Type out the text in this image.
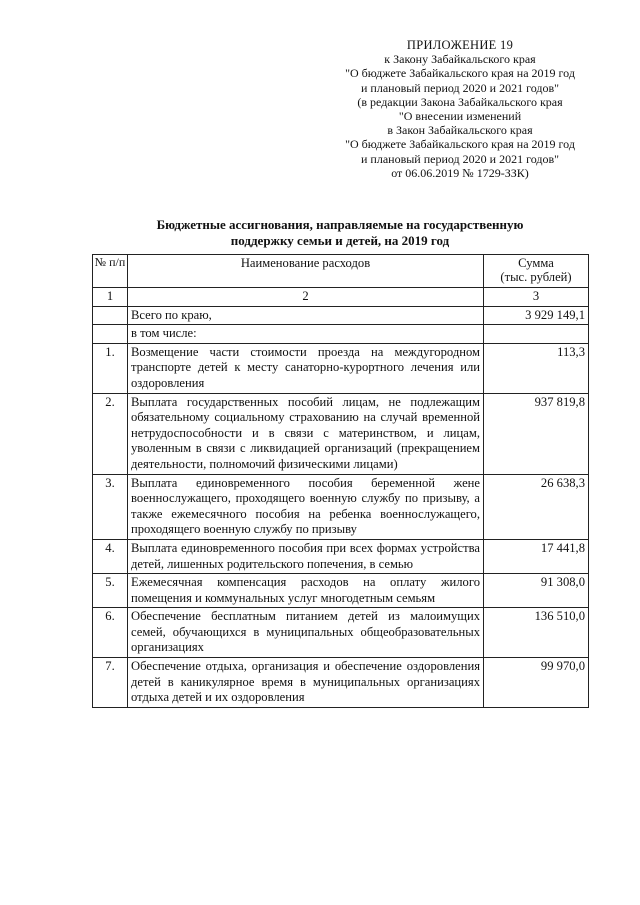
ПРИЛОЖЕНИЕ 19
к Закону Забайкальского края
"О бюджете Забайкальского края на 2019 год
и плановый период 2020 и 2021 годов"
(в редакции Закона Забайкальского края
"О внесении изменений
в Закон Забайкальского края
"О бюджете Забайкальского края на 2019 год
и плановый период 2020 и 2021 годов"
от 06.06.2019 № 1729-ЗЗК)
Бюджетные ассигнования, направляемые на государственную
поддержку семьи и детей, на 2019 год
№ п/п	Наименование расходов	Сумма
(тыс. рублей)

1	2	3
	Всего по краю,	3 929 149,1
	в том числе:	
1.	Возмещение части стоимости проезда на междугородном транспорте детей к месту санаторно-курортного лечения или оздоровления	113,3
2.	Выплата государственных пособий лицам, не подлежащим обязательному социальному страхованию на случай временной нетрудоспособности и в связи с материнством, и лицам, уволенным в связи с ликвидацией организаций (прекращением деятельности, полномочий физическими лицами)	937 819,8
3.	Выплата единовременного пособия беременной жене военнослужащего, проходящего военную службу по призыву, а также ежемесячного пособия на ребенка военнослужащего, проходящего военную службу по призыву	26 638,3
4.	Выплата единовременного пособия при всех формах устройства детей, лишенных родительского попечения, в семью	17 441,8
5.	Ежемесячная компенсация расходов на оплату жилого помещения и коммунальных услуг многодетным семьям	91 308,0
6.	Обеспечение бесплатным питанием детей из малоимущих семей, обучающихся в муниципальных общеобразовательных организациях	136 510,0
7.	Обеспечение отдыха, организация и обеспечение оздоровления детей в каникулярное время в муниципальных организациях отдыха детей и их оздоровления	99 970,0
